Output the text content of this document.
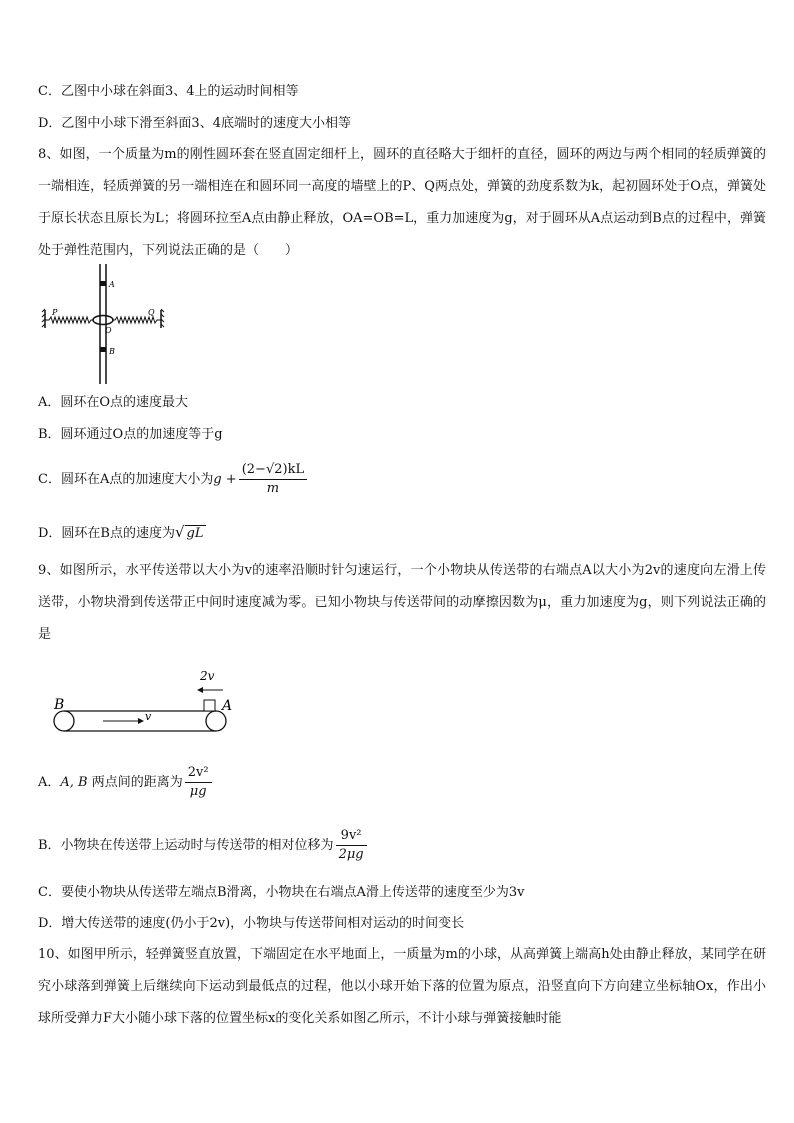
C．乙图中小球在斜面3、4上的运动时间相等
D．乙图中小球下滑至斜面3、4底端时的速度大小相等
8、如图，一个质量为m的刚性圆环套在竖直固定细杆上，圆环的直径略大于细杆的直径，圆环的两边与两个相同的轻质弹簧的一端相连，轻质弹簧的另一端相连在和圆环同一高度的墙壁上的P、Q两点处，弹簧的劲度系数为k，起初圆环处于O点，弹簧处于原长状态且原长为L；将圆环拉至A点由静止释放，OA=OB=L，重力加速度为g，对于圆环从A点运动到B点的过程中，弹簧处于弹性范围内，下列说法正确的是（　　）
A
B
O
P	Q
A．圆环在O点的速度最大
B．圆环通过O点的加速度等于g
C．圆环在A点的加速度大小为$g + \frac{(2-√2)kL}{m}$
D．圆环在B点的速度为√ gL
9、如图所示，水平传送带以大小为v的速率沿顺时针匀速运行，一个小物块从传送带的右端点A以大小为2v的速度向左滑上传送带，小物块滑到传送带正中间时速度减为零。已知小物块与传送带间的动摩擦因数为μ，重力加速度为g，则下列说法正确的是
v
2v
B	A
A．A, B 两点间的距离为 $\frac{\text{2v²}}{\mu g}$
B．小物块在传送带上运动时与传送带的相对位移为 $\frac{\text{9v²}}{2\mu g}$
C．要使小物块从传送带左端点B滑离，小物块在右端点A滑上传送带的速度至少为3v
D．增大传送带的速度(仍小于2v)，小物块与传送带间相对运动的时间变长
10、如图甲所示，轻弹簧竖直放置，下端固定在水平地面上，一质量为m的小球，从高弹簧上端高h处由静止释放，某同学在研究小球落到弹簧上后继续向下运动到最低点的过程，他以小球开始下落的位置为原点，沿竖直向下方向建立坐标轴Ox，作出小球所受弹力F大小随小球下落的位置坐标x的变化关系如图乙所示，不计小球与弹簧接触时能
